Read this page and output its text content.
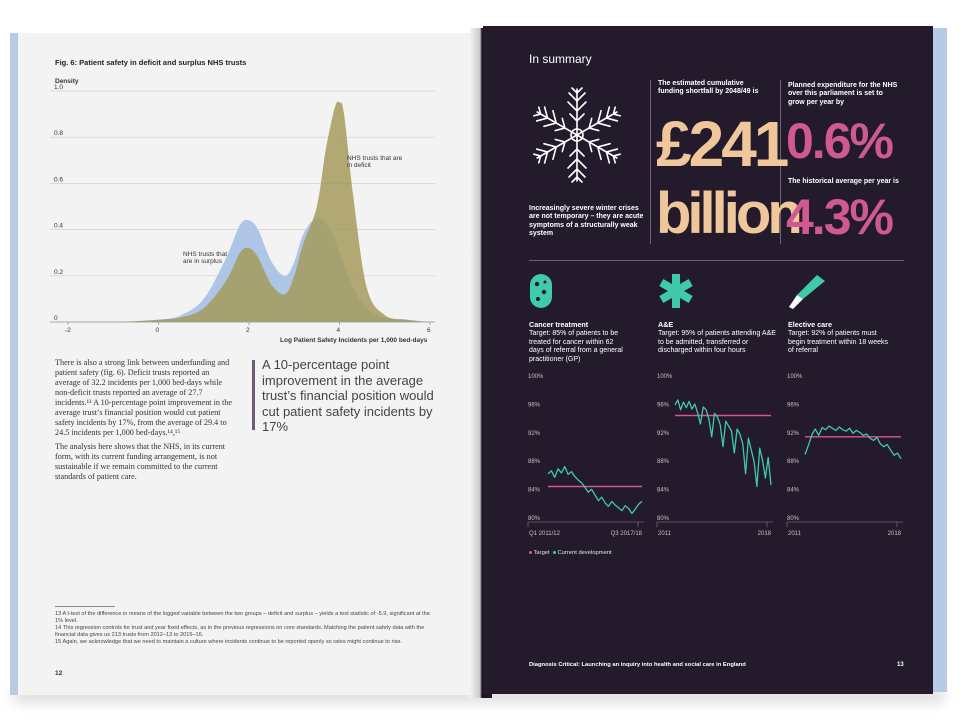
Fig. 6: Patient safety in deficit and surplus NHS trusts
Density
1.0
0.8
0.6
0.4
0.2
0
-2	0	2	4	6
NHS trusts that are
in deficit
NHS trusts that
are in surplus
Log Patient Safety Incidents per 1,000 bed-days
There is also a strong link between underfunding and patient safety (fig. 6). Deficit trusts reported an average of 32.2 incidents per 1,000 bed-days while non-deficit trusts reported an average of 27.7 incidents.¹³ A 10-percentage point improvement in the average trust’s financial position would cut patient safety incidents by 17%, from the average of 29.4 to 24.5 incidents per 1,000 bed-days.¹⁴,¹⁵
The analysis here shows that the NHS, in its current form, with its current funding arrangement, is not sustainable if we remain committed to the current standards of patient care.
A 10-percentage point improvement in the average trust’s financial position would cut patient safety incidents by 17%
13 A t-test of the difference in means of the logged variable between the two groups – deficit and surplus – yields a test statistic of -5.9, significant at the 1% level.
14 This regression controls for trust and year fixed effects, as in the previous regressions on core standards. Matching the patient safety data with the financial data gives us 213 trusts from 2012–13 to 2015–16.
15 Again, we acknowledge that we need to maintain a culture where incidents continue to be reported openly so rates might continue to rise.
12
In summary
Increasingly severe winter crises are not temporary – they are acute symptoms of a structurally weak system
The estimated cumulative funding shortfall by 2048/49 is
£241
billion
Planned expenditure for the NHS over this parliament is set to grow per year by
0.6%
The historical average per year is
4.3%
Cancer treatment
Target: 85% of patients to be treated for cancer within 62 days of referral from a general practitioner (GP)
A&E
Target: 95% of patients attending A&E to be admitted, transferred or discharged within four hours
Elective care
Target: 92% of patients must begin treatment within 18 weeks of referral
100%
96%
92%
88%
84%
80%
Q1 2011/12	Q3 2017/18
100%
96%
92%
88%
84%
80%
2011	2018
100%
96%
92%
88%
84%
80%
2011	2018
Target Current development
Diagnosis Critical: Launching an inquiry into health and social care in England	13
